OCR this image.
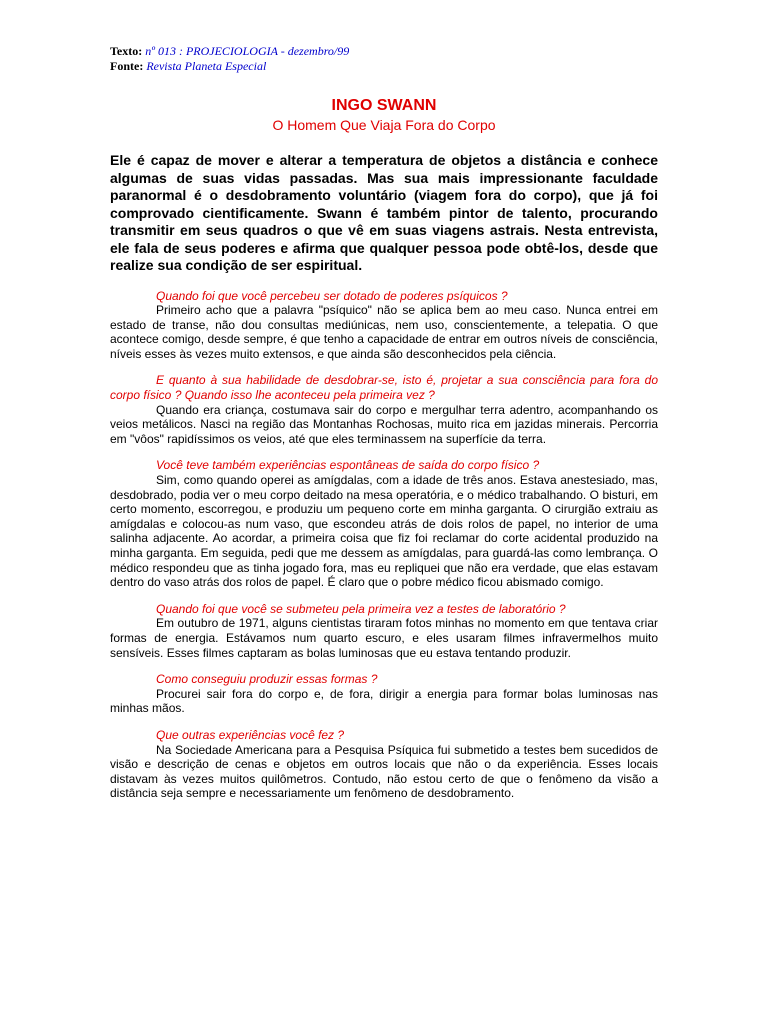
Texto: nº 013 : PROJECIOLOGIA - dezembro/99
Fonte: Revista Planeta Especial
INGO SWANN
O Homem Que Viaja Fora do Corpo
Ele é capaz de mover e alterar a temperatura de objetos a distância e conhece algumas de suas vidas passadas. Mas sua mais impressionante faculdade paranormal é o desdobramento voluntário (viagem fora do corpo), que já foi comprovado cientificamente. Swann é também pintor de talento, procurando transmitir em seus quadros o que vê em suas viagens astrais. Nesta entrevista, ele fala de seus poderes e afirma que qualquer pessoa pode obtê-los, desde que realize sua condição de ser espiritual.
Quando foi que você percebeu ser dotado de poderes psíquicos ?
Primeiro acho que a palavra "psíquico" não se aplica bem ao meu caso. Nunca entrei em estado de transe, não dou consultas mediúnicas, nem uso, conscientemente, a telepatia. O que acontece comigo, desde sempre, é que tenho a capacidade de entrar em outros níveis de consciência, níveis esses às vezes muito extensos, e que ainda são desconhecidos pela ciência.
E quanto à sua habilidade de desdobrar-se, isto é, projetar a sua consciência para fora do corpo físico ? Quando isso lhe aconteceu pela primeira vez ?
Quando era criança, costumava sair do corpo e mergulhar terra adentro, acompanhando os veios metálicos. Nasci na região das Montanhas Rochosas, muito rica em jazidas minerais. Percorria em "vôos" rapidíssimos os veios, até que eles terminassem na superfície da terra.
Você teve também experiências espontâneas de saída do corpo físico ?
Sim, como quando operei as amígdalas, com a idade de três anos. Estava anestesiado, mas, desdobrado, podia ver o meu corpo deitado na mesa operatória, e o médico trabalhando. O bisturi, em certo momento, escorregou, e produziu um pequeno corte em minha garganta. O cirurgião extraiu as amígdalas e colocou-as num vaso, que escondeu atrás de dois rolos de papel, no interior de uma salinha adjacente. Ao acordar, a primeira coisa que fiz foi reclamar do corte acidental produzido na minha garganta. Em seguida, pedi que me dessem as amígdalas, para guardá-las como lembrança. O médico respondeu que as tinha jogado fora, mas eu repliquei que não era verdade, que elas estavam dentro do vaso atrás dos rolos de papel. É claro que o pobre médico ficou abismado comigo.
Quando foi que você se submeteu pela primeira vez a testes de laboratório ?
Em outubro de 1971, alguns cientistas tiraram fotos minhas no momento em que tentava criar formas de energia. Estávamos num quarto escuro, e eles usaram filmes infravermelhos muito sensíveis. Esses filmes captaram as bolas luminosas que eu estava tentando produzir.
Como conseguiu produzir essas formas ?
Procurei sair fora do corpo e, de fora, dirigir a energia para formar bolas luminosas nas minhas mãos.
Que outras experiências você fez ?
Na Sociedade Americana para a Pesquisa Psíquica fui submetido a testes bem sucedidos de visão e descrição de cenas e objetos em outros locais que não o da experiência. Esses locais distavam às vezes muitos quilômetros. Contudo, não estou certo de que o fenômeno da visão a distância seja sempre e necessariamente um fenômeno de desdobramento.
